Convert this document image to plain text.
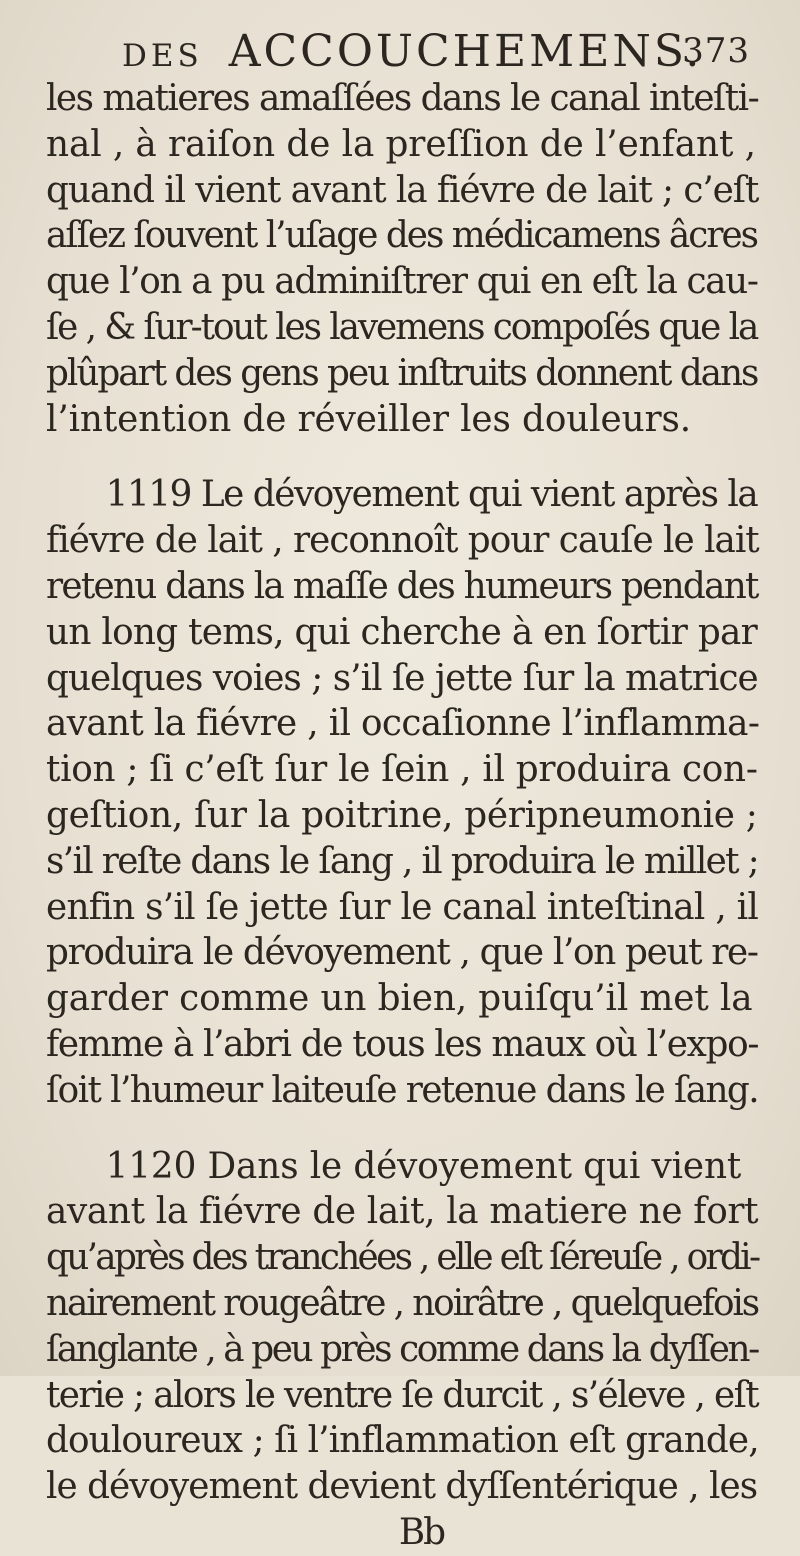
DES ACCOUCHEMENS.
373
les matieres amaſſées dans le canal inteſti-
nal , à raiſon de la preſſion de l’enfant ,
quand il vient avant la fiévre de lait ; c’eſt
aſſez ſouvent l’uſage des médicamens âcres
que l’on a pu adminiſtrer qui en eſt la cau-
ſe , & ſur-tout les lavemens compoſés que la
plûpart des gens peu inſtruits donnent dans
l’intention de réveiller les douleurs.
1119 Le dévoyement qui vient après la
fiévre de lait , reconnoît pour cauſe le lait
retenu dans la maſſe des humeurs pendant
un long tems, qui cherche à en ſortir par
quelques voies ; s’il ſe jette ſur la matrice
avant la fiévre , il occaſionne l’inflamma-
tion ; ſi c’eſt ſur le ſein , il produira con-
geſtion, ſur la poitrine, péripneumonie ;
s’il reſte dans le ſang , il produira le millet ;
enfin s’il ſe jette ſur le canal inteſtinal , il
produira le dévoyement , que l’on peut re-
garder comme un bien, puiſqu’il met la
femme à l’abri de tous les maux où l’expo-
ſoit l’humeur laiteuſe retenue dans le ſang.
1120 Dans le dévoyement qui vient
avant la fiévre de lait, la matiere ne fort
qu’après des tranchées , elle eſt ſéreuſe , ordi-
nairement rougeâtre , noirâtre , quelquefois
ſanglante , à peu près comme dans la dyſſen-
terie ; alors le ventre ſe durcit , s’éleve , eſt
douloureux ; ſi l’inflammation eſt grande,
le dévoyement devient dyſſentérique , les
Bb
